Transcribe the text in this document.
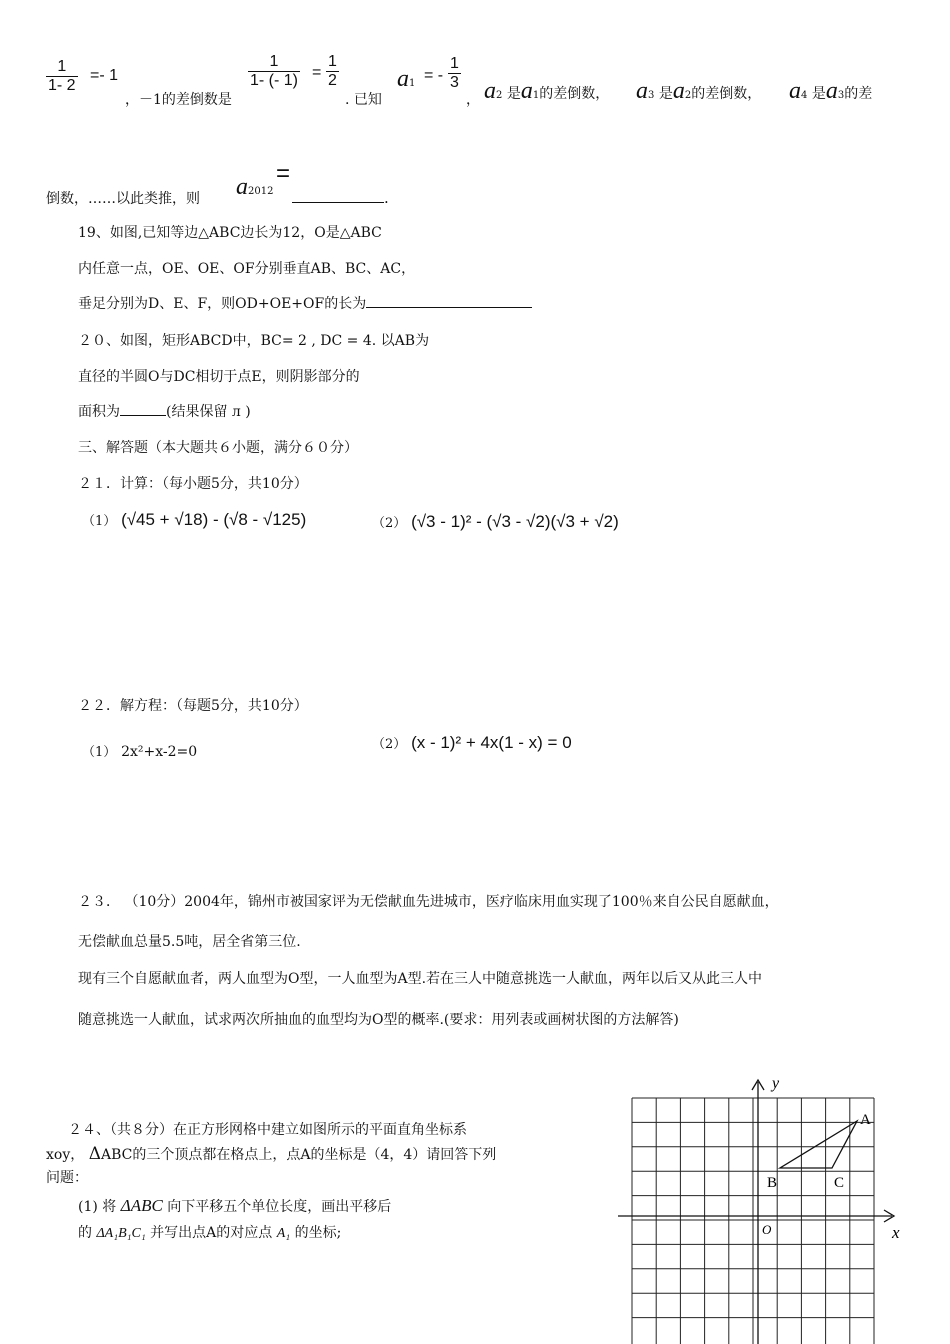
$\frac{1}{1- 2} =- 1$
，－1的差倒数是
$\frac{1}{1- (- 1)} = \frac{1}{2}$
. 已知
a1 = - $\frac{1}{3}$
， a2 是a1的差倒数， a3 是a2的差倒数， a4 是a3的差
倒数，……以此类推，则 a2012
=
.
19、如图,已知等边△ABC边长为12，O是△ABC
内任意一点，OE、OE、OF分别垂直AB、BC、AC，
垂足分别为D、E、F，则OD+OE+OF的长为
２０、如图，矩形ABCD中，BC= 2 , DC = 4. 以AB为
直径的半圆O与DC相切于点E，则阴影部分的
面积为	(结果保留 л )
三、解答题（本大题共６小题，满分６０分）
２１．计算：（每小题5分，共10分）
（1） (√45 + √18) - (√8 - √125)	（2） (√3 - 1)² - (√3 - √2)(√3 + √2)
２２．解方程：（每题5分，共10分）
（1） 2x²+x-2=0	（2） (x - 1)² + 4x(1 - x) = 0
２３． （10分）2004年，锦州市被国家评为无偿献血先进城市，医疗临床用血实现了100％来自公民自愿献血，
无偿献血总量5.5吨，居全省第三位.
现有三个自愿献血者，两人血型为O型，一人血型为A型.若在三人中随意挑选一人献血，两年以后又从此三人中
随意挑选一人献血，试求两次所抽血的血型均为O型的概率.(要求：用列表或画树状图的方法解答)
２４、（共８分）在正方形网格中建立如图所示的平面直角坐标系
xoy， ΔABC的三个顶点都在格点上，点A的坐标是（4，4）请回答下列
问题：
(1) 将 ΔABC 向下平移五个单位长度，画出平移后
的 ΔA₁B₁C₁ 并写出点A的对应点 A₁ 的坐标;
y
x
O
A
B	C
